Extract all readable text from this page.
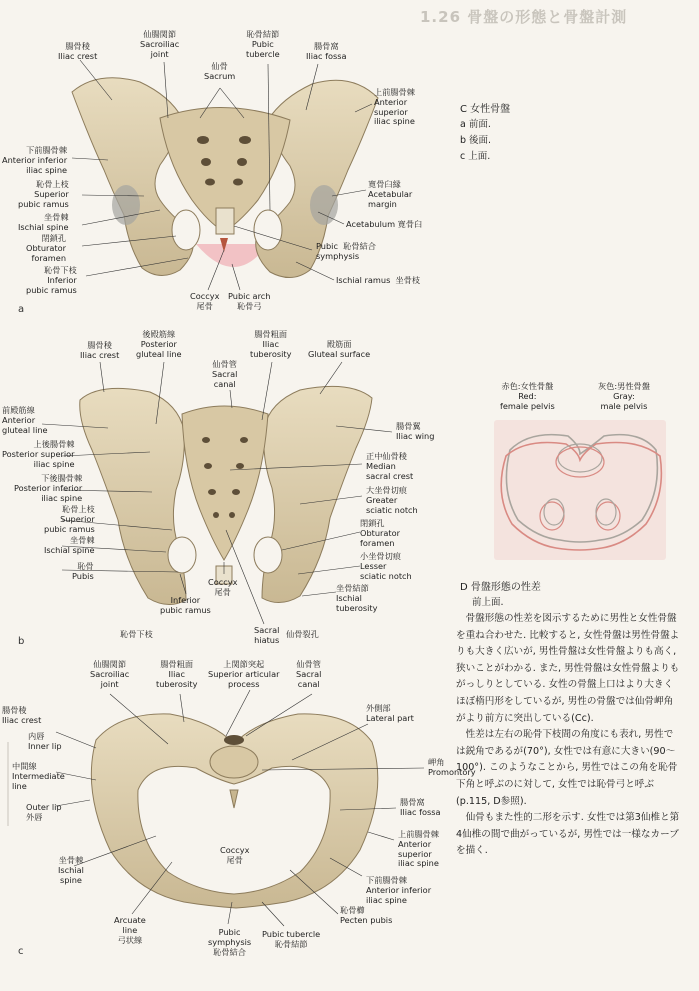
1.26 骨盤の形態と骨盤計測
腸骨稜
Iliac crest
仙腸関節
Sacroiliac
joint
仙骨
Sacrum
恥骨結節
Pubic
tubercle
腸骨窩
Iliac fossa
上前腸骨棘
Anterior
superior
iliac spine
下前腸骨棘
Anterior inferior
iliac spine
恥骨上枝
Superior
pubic ramus
坐骨棘
Ischial spine
閉鎖孔
Obturator
foramen
恥骨下枝
Inferior
pubic ramus
寛骨臼縁
Acetabular
margin
Acetabulum 寛骨臼
Pubic  恥骨結合
symphysis
Ischial ramus  坐骨枝
Coccyx
尾骨
Pubic arch
恥骨弓
a
腸骨稜
Iliac crest
後殿筋線
Posterior
gluteal line
仙骨管
Sacral
canal
腸骨粗面
Iliac
tuberosity
殿筋面
Gluteal surface
前殿筋線
Anterior
gluteal line
上後腸骨棘
Posterior superior
iliac spine
下後腸骨棘
Posterior inferior
iliac spine
恥骨上枝
Superior
pubic ramus
坐骨棘
Ischial spine
恥骨
Pubis
腸骨翼
Iliac wing
正中仙骨稜
Median
sacral crest
大坐骨切痕
Greater
sciatic notch
閉鎖孔
Obturator
foramen
小坐骨切痕
Lesser
sciatic notch
坐骨結節
Ischial
tuberosity
Coccyx
尾骨
恥骨下枝
Inferior
pubic ramus
Sacral
hiatus
仙骨裂孔
b
仙腸関節
Sacroiliac
joint
腸骨粗面
Iliac
tuberosity
上関節突起
Superior articular
process
仙骨管
Sacral
canal
腸骨稜
Iliac crest
内唇
Inner lip
中間線
Intermediate
line
Outer lip
外唇
外側部
Lateral part
岬角
Promontory
腸骨窩
Iliac fossa
上前腸骨棘
Anterior
superior
iliac spine
下前腸骨棘
Anterior inferior
iliac spine
恥骨櫛
Pecten pubis
坐骨棘
Ischial
spine
Coccyx
尾骨
Arcuate
line
弓状線
Pubic
symphysis
恥骨結合
Pubic tubercle
恥骨結節
c
C 女性骨盤
a 前面.
b 後面.
c 上面.
赤色:女性骨盤
Red:
female pelvis
灰色:男性骨盤
Gray:
male pelvis
D 骨盤形態の性差
前上面.

骨盤形態の性差を図示するために男性と女性骨盤を重ね合わせた. 比較すると, 女性骨盤は男性骨盤よりも大きく広いが, 男性骨盤は女性骨盤よりも高く, 狭いことがわかる. また, 男性骨盤は女性骨盤よりもがっしりとしている. 女性の骨盤上口はより大きくほぼ楕円形をしているが, 男性の骨盤では仙骨岬角がより前方に突出している(Cc).

性差は左右の恥骨下枝間の角度にも表れ, 男性では鋭角であるが(70°), 女性では有意に大きい(90〜100°). このようなことから, 男性ではこの角を恥骨下角と呼ぶのに対して, 女性では恥骨弓と呼ぶ(p.115, D参照).

仙骨もまた性的二形を示す. 女性では第3仙椎と第4仙椎の間で曲がっているが, 男性では一様なカーブを描く.
